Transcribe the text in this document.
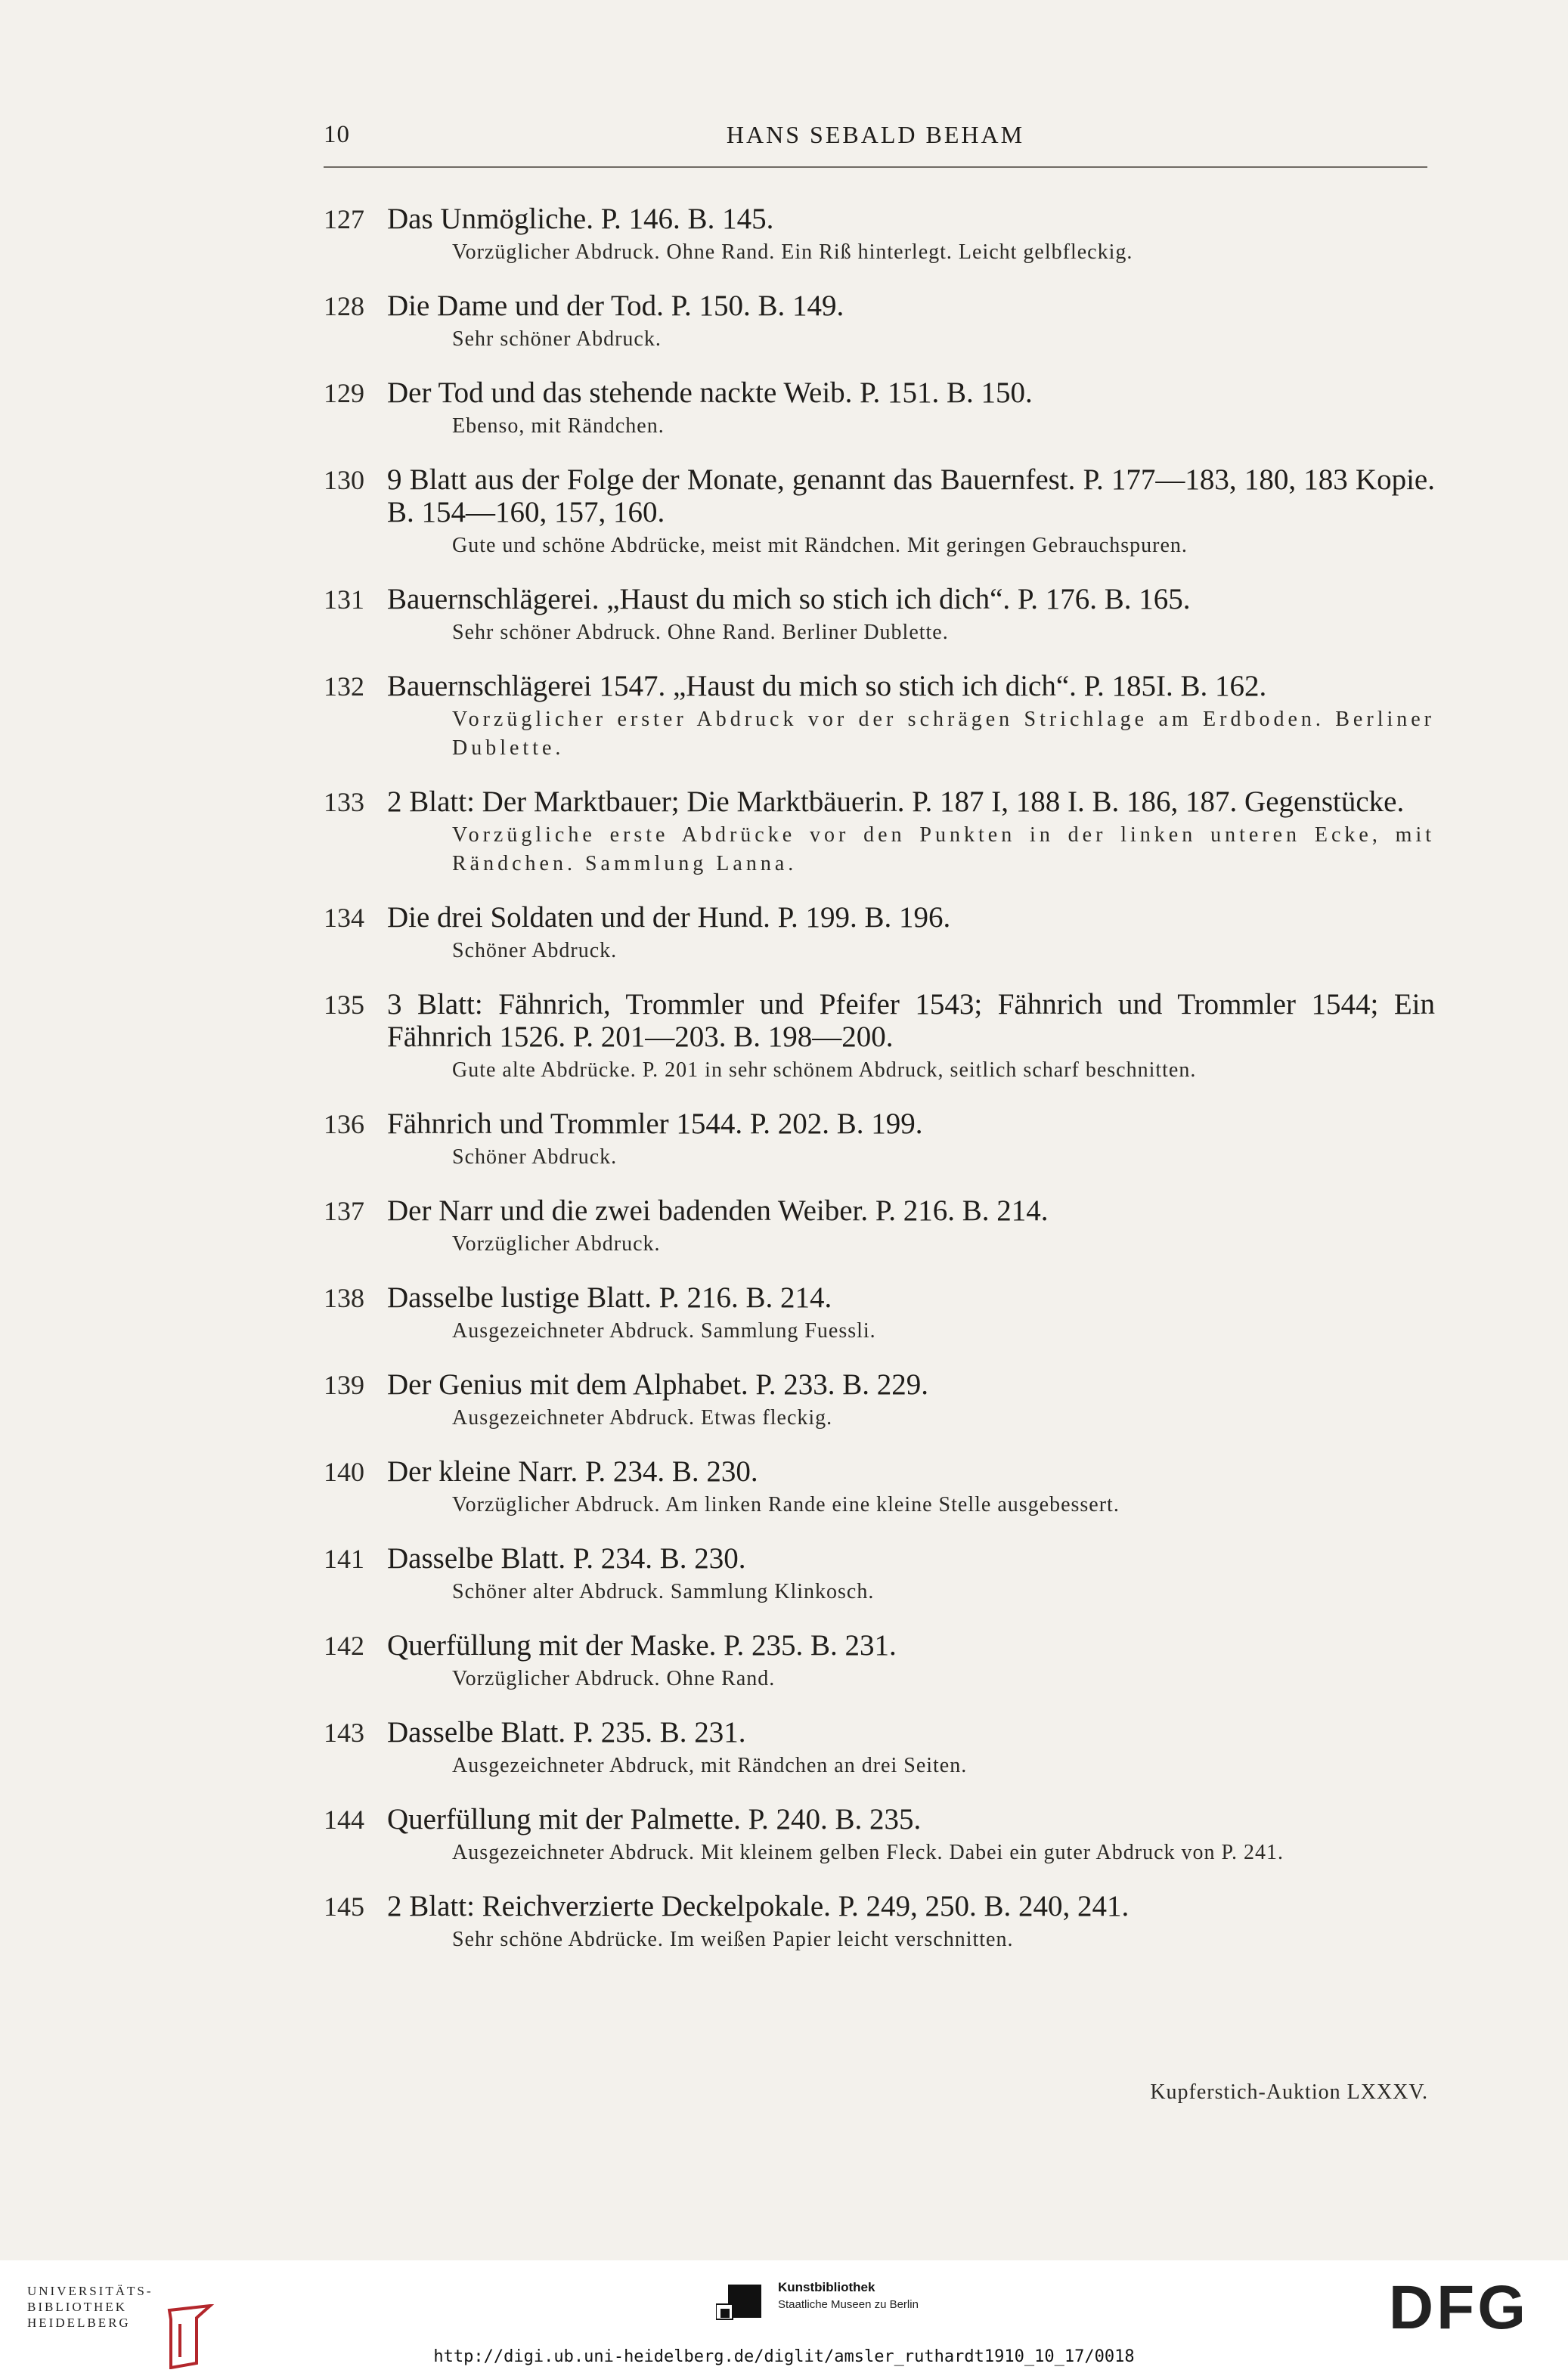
10	HANS SEBALD BEHAM
127 Das Unmögliche. P. 146. B. 145.
Vorzüglicher Abdruck. Ohne Rand. Ein Riß hinterlegt. Leicht gelbfleckig.
128 Die Dame und der Tod. P. 150. B. 149.
Sehr schöner Abdruck.
129 Der Tod und das stehende nackte Weib. P. 151. B. 150.
Ebenso, mit Rändchen.
130 9 Blatt aus der Folge der Monate, genannt das Bauernfest. P. 177—183, 180, 183 Kopie. B. 154—160, 157, 160.
Gute und schöne Abdrücke, meist mit Rändchen. Mit geringen Gebrauchspuren.
131 Bauernschlägerei. „Haust du mich so stich ich dich“. P. 176. B. 165.
Sehr schöner Abdruck. Ohne Rand. Berliner Dublette.
132 Bauernschlägerei 1547. „Haust du mich so stich ich dich“. P. 185I. B. 162.
Vorzüglicher erster Abdruck vor der schrägen Strichlage am Erdboden. Berliner Dublette.
133 2 Blatt: Der Marktbauer; Die Marktbäuerin. P. 187 I, 188 I. B. 186, 187. Gegenstücke.
Vorzügliche erste Abdrücke vor den Punkten in der linken unteren Ecke, mit Rändchen. Sammlung Lanna.
134 Die drei Soldaten und der Hund. P. 199. B. 196.
Schöner Abdruck.
135 3 Blatt: Fähnrich, Trommler und Pfeifer 1543; Fähnrich und Trommler 1544; Ein Fähnrich 1526. P. 201—203. B. 198—200.
Gute alte Abdrücke. P. 201 in sehr schönem Abdruck, seitlich scharf beschnitten.
136 Fähnrich und Trommler 1544. P. 202. B. 199.
Schöner Abdruck.
137 Der Narr und die zwei badenden Weiber. P. 216. B. 214.
Vorzüglicher Abdruck.
138 Dasselbe lustige Blatt. P. 216. B. 214.
Ausgezeichneter Abdruck. Sammlung Fuessli.
139 Der Genius mit dem Alphabet. P. 233. B. 229.
Ausgezeichneter Abdruck. Etwas fleckig.
140 Der kleine Narr. P. 234. B. 230.
Vorzüglicher Abdruck. Am linken Rande eine kleine Stelle ausgebessert.
141 Dasselbe Blatt. P. 234. B. 230.
Schöner alter Abdruck. Sammlung Klinkosch.
142 Querfüllung mit der Maske. P. 235. B. 231.
Vorzüglicher Abdruck. Ohne Rand.
143 Dasselbe Blatt. P. 235. B. 231.
Ausgezeichneter Abdruck, mit Rändchen an drei Seiten.
144 Querfüllung mit der Palmette. P. 240. B. 235.
Ausgezeichneter Abdruck. Mit kleinem gelben Fleck. Dabei ein guter Abdruck von P. 241.
145 2 Blatt: Reichverzierte Deckelpokale. P. 249, 250. B. 240, 241.
Sehr schöne Abdrücke. Im weißen Papier leicht verschnitten.
Kupferstich-Auktion LXXXV.
UNIVERSITÄTS-
BIBLIOTHEK
HEIDELBERG
Kunstbibliothek
Staatliche Museen zu Berlin	DFG
http://digi.ub.uni-heidelberg.de/diglit/amsler_ruthardt1910_10_17/0018
